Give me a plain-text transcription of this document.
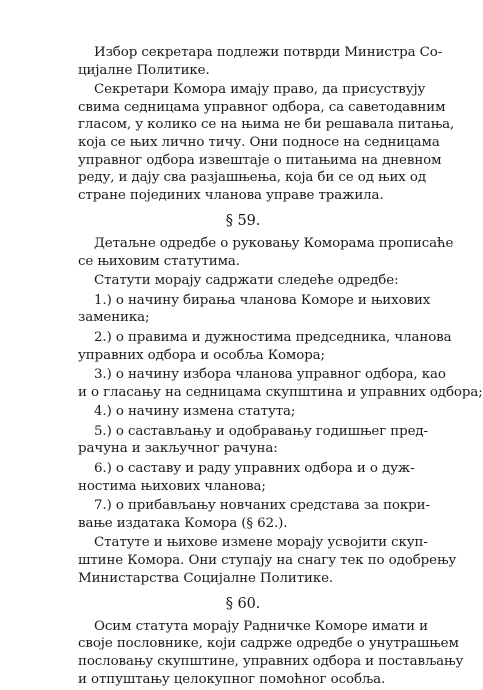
Избор секретара подлежи потврди Министра Со-
цијалне Политике.
Секретари Комора имају право, да присуствују
свима седницама управног одбора, са саветодавним
гласом, у колико се на њима не би решавала питања,
која се њих лично тичу. Они подносе на седницама
управног одбора извештаје о питањима на дневном
реду, и дају сва разјашњења, која би се од њих од
стране појединих чланова управе тражила.
§ 59.
Детаљне одредбе о руковању Коморама прописаће
се њиховим статутима.
Статути морају садржати следеће одредбе:
1.) о начину бирања чланова Коморе и њихових
заменика;
2.) о правима и дужностима председника, чланова
управних одбора и особља Комора;
3.) о начину избора чланова управног одбора, као
и о гласању на седницама скупштина и управних одбора;
4.) о начину измена статута;
5.) о састављању и одобравању годишњег пред-
рачуна и закључног рачуна:
6.) о саставу и раду управних одбора и о дуж-
ностима њихових чланова;
7.) о прибављању новчаних средстава за покри-
вање издатака Комора (§ 62.).
Статуте и њихове измене морају усвојити скуп-
штине Комора. Они ступају на снагу тек по одобрењу
Министарства Социјалне Политике.
§ 60.
Осим статута морају Радничке Коморе имати и
своје пословнике, који садрже одредбе о унутрашњем
пословању скупштине, управних одбора и постављању
и отпуштању целокупног помоћног особља.
